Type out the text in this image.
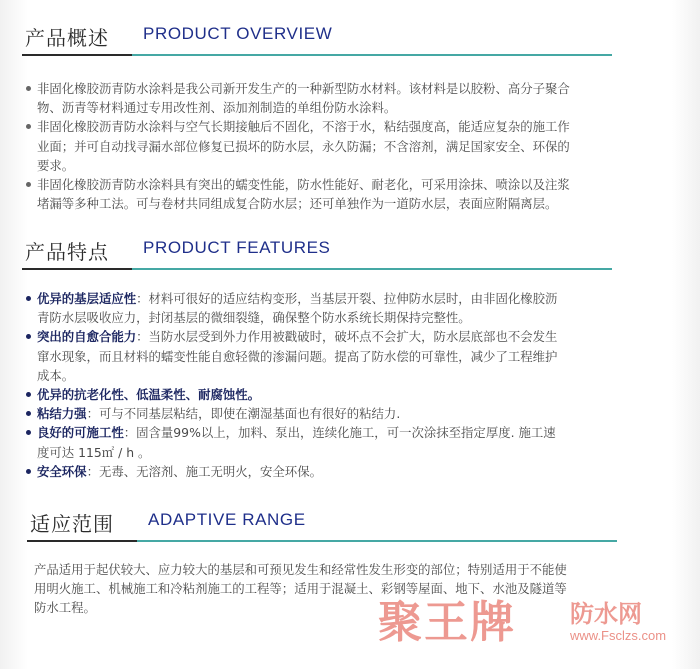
产品概述 PRODUCT OVERVIEW
非固化橡胶沥青防水涂料是我公司新开发生产的一种新型防水材料。该材料是以胶粉、高分子聚合
物、沥青等材料通过专用改性剂、添加剂制造的单组份防水涂料。
非固化橡胶沥青防水涂料与空气长期接触后不固化，不溶于水，粘结强度高，能适应复杂的施工作
业面；并可自动找寻漏水部位修复已损坏的防水层，永久防漏；不含溶剂，满足国家安全、环保的
要求。
非固化橡胶沥青防水涂料具有突出的蠕变性能，防水性能好、耐老化，可采用涂抹、喷涂以及注浆
堵漏等多种工法。可与卷材共同组成复合防水层；还可单独作为一道防水层，表面应附隔离层。
产品特点 PRODUCT FEATURES
优异的基层适应性：材料可很好的适应结构变形，当基层开裂、拉伸防水层时，由非固化橡胶沥
青防水层吸收应力，封闭基层的微细裂缝，确保整个防水系统长期保持完整性。
突出的自愈合能力：当防水层受到外力作用被戳破时，破坏点不会扩大，防水层底部也不会发生
窜水现象，而且材料的蠕变性能自愈轻微的渗漏问题。提高了防水偿的可靠性，减少了工程维护
成本。
优异的抗老化性、低温柔性、耐腐蚀性。
粘结力强：可与不同基层粘结，即使在潮湿基面也有很好的粘结力.
良好的可施工性：固含量99%以上，加料、泵出，连续化施工，可一次涂抹至指定厚度. 施工速
度可达 115㎡ / h 。
安全环保：无毒、无溶剂、施工无明火，安全环保。
适应范围 ADAPTIVE RANGE
产品适用于起伏较大、应力较大的基层和可预见发生和经常性发生形变的部位；特别适用于不能使
用明火施工、机械施工和冷粘剂施工的工程等；适用于混凝土、彩钢等屋面、地下、水池及隧道等
防水工程。	聚王牌 防水网
www.Fsclzs.com
